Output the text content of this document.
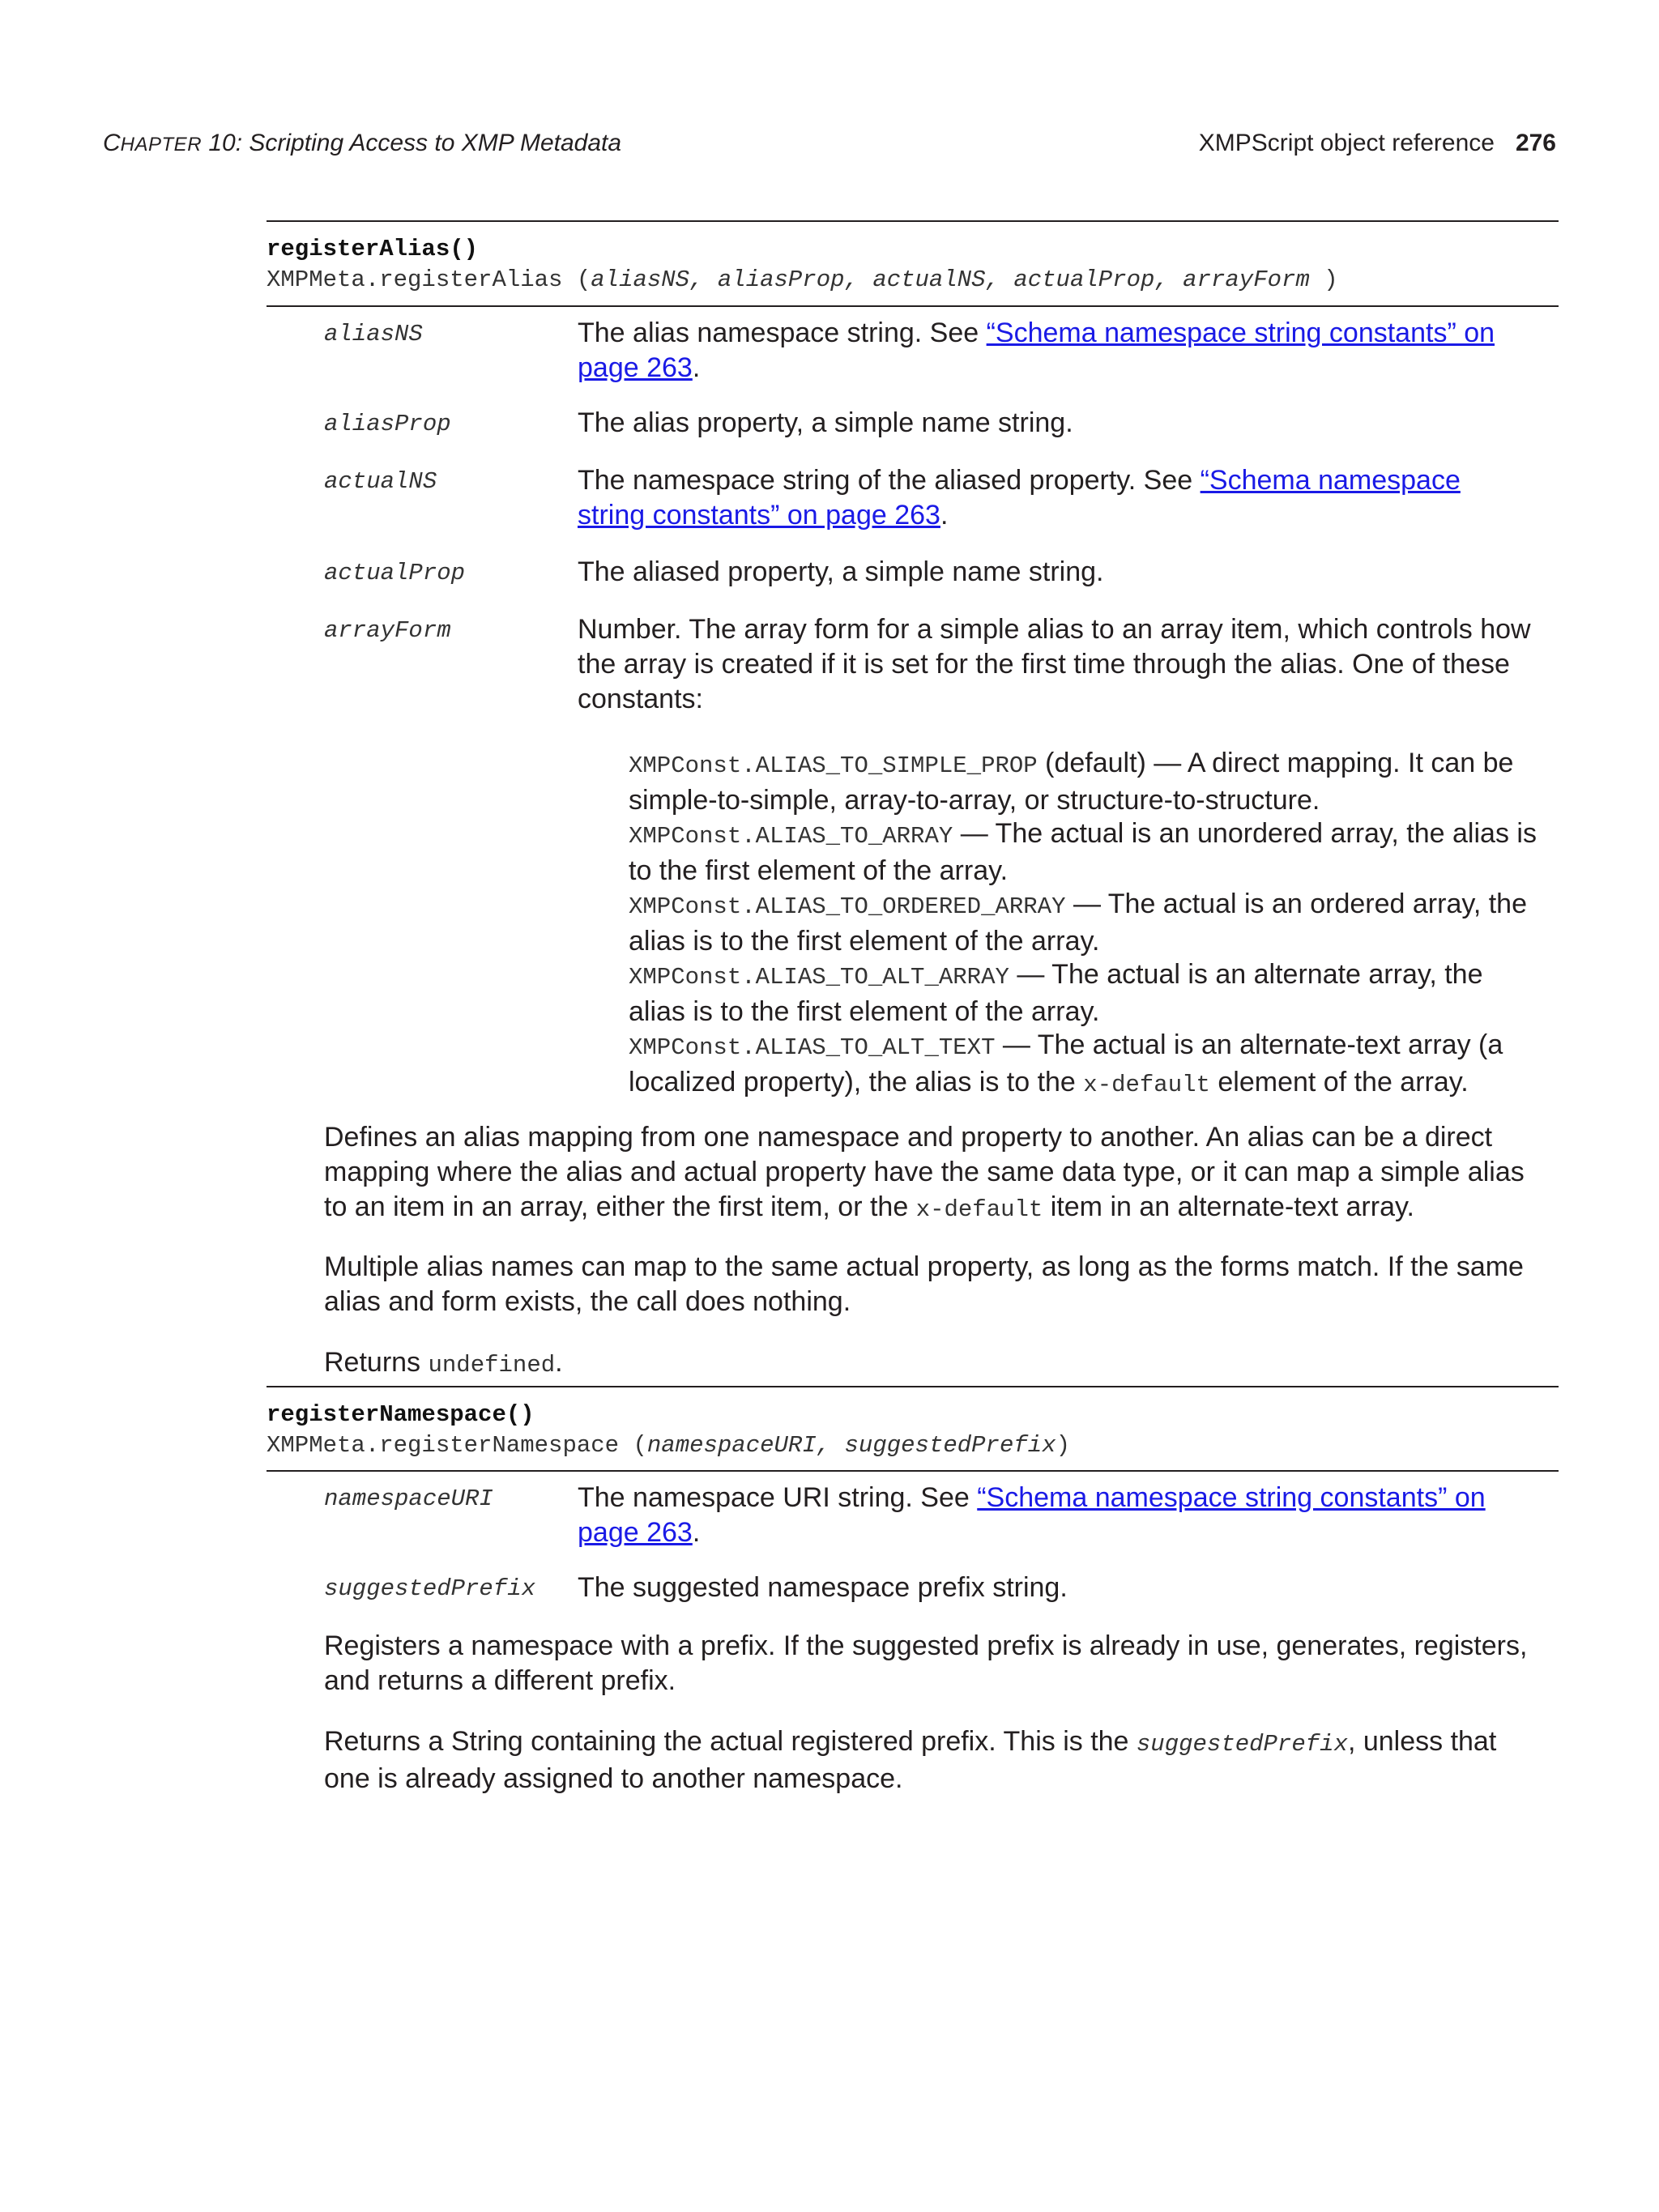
CHAPTER 10: Scripting Access to XMP Metadata	XMPScript object reference 276
registerAlias()
XMPMeta.registerAlias (aliasNS, aliasProp, actualNS, actualProp, arrayForm )
aliasNS	The alias namespace string. See “Schema namespace string constants” on page 263.
aliasProp	The alias property, a simple name string.
actualNS	The namespace string of the aliased property. See “Schema namespace string constants” on page 263.
actualProp	The aliased property, a simple name string.
arrayForm	Number. The array form for a simple alias to an array item, which controls how the array is created if it is set for the first time through the alias. One of these constants:
XMPConst.ALIAS_TO_SIMPLE_PROP (default) — A direct mapping. It can be simple-to-simple, array-to-array, or structure-to-structure.
XMPConst.ALIAS_TO_ARRAY — The actual is an unordered array, the alias is to the first element of the array.
XMPConst.ALIAS_TO_ORDERED_ARRAY — The actual is an ordered array, the alias is to the first element of the array.
XMPConst.ALIAS_TO_ALT_ARRAY — The actual is an alternate array, the alias is to the first element of the array.
XMPConst.ALIAS_TO_ALT_TEXT — The actual is an alternate-text array (a localized property), the alias is to the x-default element of the array.
Defines an alias mapping from one namespace and property to another. An alias can be a direct mapping where the alias and actual property have the same data type, or it can map a simple alias to an item in an array, either the first item, or the x-default item in an alternate-text array.
Multiple alias names can map to the same actual property, as long as the forms match. If the same alias and form exists, the call does nothing.
Returns undefined.
registerNamespace()
XMPMeta.registerNamespace (namespaceURI, suggestedPrefix)
namespaceURI	The namespace URI string. See “Schema namespace string constants” on page 263.
suggestedPrefix The suggested namespace prefix string.
Registers a namespace with a prefix. If the suggested prefix is already in use, generates, registers, and returns a different prefix.
Returns a String containing the actual registered prefix. This is the suggestedPrefix, unless that one is already assigned to another namespace.
